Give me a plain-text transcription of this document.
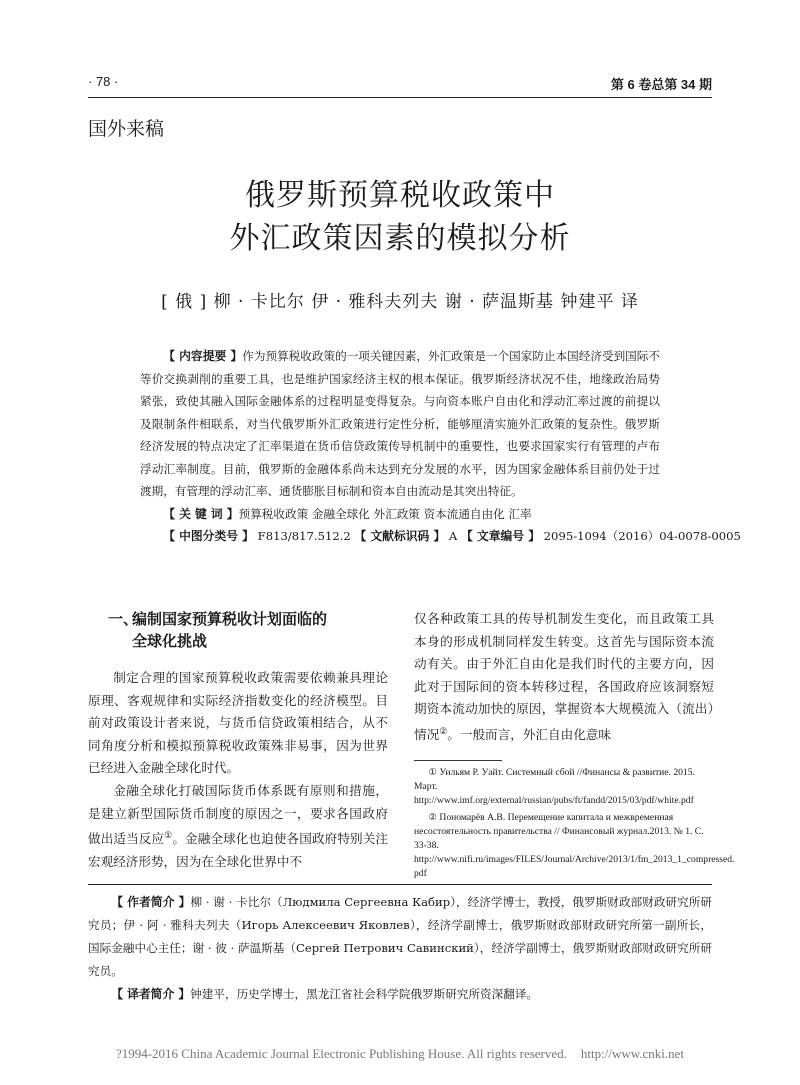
· 78 ·	第 6 卷总第 34 期
国外来稿
俄罗斯预算税收政策中
外汇政策因素的模拟分析
[ 俄 ] 柳 · 卡比尔 伊 · 雅科夫列夫 谢 · 萨温斯基 钟建平 译

【 内容提要 】作为预算税收政策的一项关键因素，外汇政策是一个国家防止本国经济受到国际不等价交换剥削的重要工具，也是维护国家经济主权的根本保证。俄罗斯经济状况不佳，地缘政治局势紧张，致使其融入国际金融体系的过程明显变得复杂。与向资本账户自由化和浮动汇率过渡的前提以及限制条件相联系，对当代俄罗斯外汇政策进行定性分析，能够厘清实施外汇政策的复杂性。俄罗斯经济发展的特点决定了汇率渠道在货币信贷政策传导机制中的重要性，也要求国家实行有管理的卢布浮动汇率制度。目前，俄罗斯的金融体系尚未达到充分发展的水平，因为国家金融体系目前仍处于过渡期，有管理的浮动汇率、通货膨胀目标制和资本自由流动是其突出特征。

【 关 键 词 】预算税收政策 金融全球化 外汇政策 资本流通自由化 汇率
【 中图分类号 】 F813/817.512.2 【 文献标识码 】 A 【 文章编号 】 2095-1094（2016）04-0078-0005
一、编制国家预算税收计划面临的
全球化挑战

制定合理的国家预算税收政策需要依赖兼具理论原理、客观规律和实际经济指数变化的经济模型。目前对政策设计者来说，与货币信贷政策相结合，从不同角度分析和模拟预算税收政策殊非易事，因为世界已经进入金融全球化时代。

金融全球化打破国际货币体系既有原则和措施，是建立新型国际货币制度的原因之一，要求各国政府做出适当反应①。金融全球化也迫使各国政府特别关注宏观经济形势，因为在全球化世界中不

仅各种政策工具的传导机制发生变化，而且政策工具本身的形成机制同样发生转变。这首先与国际资本流动有关。由于外汇自由化是我们时代的主要方向，因此对于国际间的资本转移过程，各国政府应该洞察短期资本流动加快的原因，掌握资本大规模流入（流出）情况②。一般而言，外汇自由化意味

① Уильям Р. Уайт. Системный сбой //Финансы & развитие. 2015. Март. http://www.imf.org/external/russian/pubs/ft/fandd/2015/03/pdf/white.pdf

② Пономарёв А.В. Перемещение капитала и межвременная несостоятельность правительства // Финансовый журнал.2013. № 1. С. 33-38. http://www.nifi.ru/images/FILES/Journal/Archive/2013/1/fm_2013_1_compressed. pdf

【 作者简介 】柳 · 谢 · 卡比尔（Людмила Сергеевна Кабир），经济学博士，教授，俄罗斯财政部财政研究所研究员；伊 · 阿 · 雅科夫列夫（Игорь Алексеевич Яковлев），经济学副博士，俄罗斯财政部财政研究所第一副所长，国际金融中心主任；谢 · 彼 · 萨温斯基（Сергей Петрович Савинский），经济学副博士，俄罗斯财政部财政研究所研究员。

【 译者简介 】钟建平，历史学博士，黑龙江省社会科学院俄罗斯研究所资深翻译。

?1994-2016 China Academic Journal Electronic Publishing House. All rights reserved. http://www.cnki.net
